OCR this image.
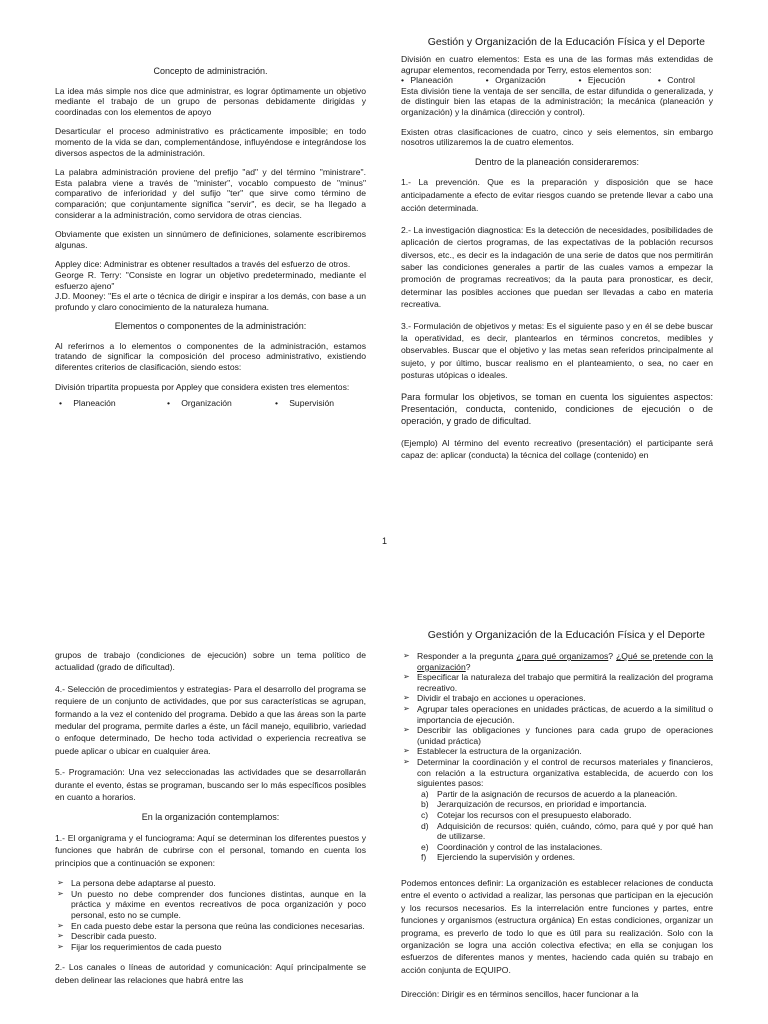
Gestión y Organización de la Educación Física y el Deporte
Concepto de administración.

La idea más simple nos dice que administrar, es lograr óptimamente un objetivo mediante el trabajo de un grupo de personas debidamente dirigidas y coordinadas con los elementos de apoyo

Desarticular el proceso administrativo es prácticamente imposible; en todo momento de la vida se dan, complementándose, influyéndose e integrándose los diversos aspectos de la administración.

La palabra administración proviene del prefijo "ad" y del término "ministrare". Esta palabra viene a través de "minister", vocablo compuesto de "minus" comparativo de inferioridad y del sufijo "ter" que sirve como término de comparación; que conjuntamente significa "servir", es decir, se ha llegado a considerar a la administración, como servidora de otras ciencias.

Obviamente que existen un sinnúmero de definiciones, solamente escribiremos algunas.

Appley dice: Administrar es obtener resultados a través del esfuerzo de otros.

George R. Terry: "Consiste en lograr un objetivo predeterminado, mediante el esfuerzo ajeno"

J.D. Mooney: "Es el arte o técnica de dirigir e inspirar a los demás, con base a un profundo y claro conocimiento de la naturaleza humana.

Elementos o componentes de la administración:

Al referirnos a lo elementos o componentes de la administración, estamos tratando de significar la composición del proceso administrativo, existiendo diferentes criterios de clasificación, siendo estos:

División tripartita propuesta por Appley que considera existen tres elementos:

• Planeación	• Organización	• Supervisión

División en cuatro elementos: Esta es una de las formas más extendidas de agrupar elementos, recomendada por Terry, estos elementos son:

• Planeación	• Organización	• Ejecución	• Control

Esta división tiene la ventaja de ser sencilla, de estar difundida o generalizada, y de distinguir bien las etapas de la administración; la mecánica (planeación y organización) y la dinámica (dirección y control).

Existen otras clasificaciones de cuatro, cinco y seis elementos, sin embargo nosotros utilizaremos la de cuatro elementos.

Dentro de la planeación consideraremos:

1.- La prevención. Que es la preparación y disposición que se hace anticipadamente a efecto de evitar riesgos cuando se pretende llevar a cabo una acción determinada.

2.- La investigación diagnostica: Es la detección de necesidades, posibilidades de aplicación de ciertos programas, de las expectativas de la población recursos diversos, etc., es decir es la indagación de una serie de datos que nos permitirán saber las condiciones generales a partir de las cuales vamos a empezar la promoción de programas recreativos; da la pauta para pronosticar, es decir, determinar las posibles acciones que puedan ser llevadas a cabo en materia recreativa.

3.- Formulación de objetivos y metas: Es el siguiente paso y en él se debe buscar la operatividad, es decir, plantearlos en términos concretos, medibles y observables. Buscar que el objetivo y las metas sean referidos principalmente al sujeto, y por último, buscar realismo en el planteamiento, o sea, no caer en posturas utópicas o ideales.

Para formular los objetivos, se toman en cuenta los siguientes aspectos: Presentación, conducta, contenido, condiciones de ejecución o de operación, y grado de dificultad.

(Ejemplo) Al término del evento recreativo (presentación) el participante será capaz de: aplicar (conducta) la técnica del collage (contenido) en

1
Gestión y Organización de la Educación Física y el Deporte

grupos de trabajo (condiciones de ejecución) sobre un tema político de actualidad (grado de dificultad).

4.- Selección de procedimientos y estrategias- Para el desarrollo del programa se requiere de un conjunto de actividades, que por sus características se agrupan, formando a la vez el contenido del programa. Debido a que las áreas son la parte medular del programa, permite darles a éste, un fácil manejo, equilibrio, variedad o enfoque determinado, De hecho toda actividad o experiencia recreativa se puede aplicar o ubicar en cualquier área.

5.- Programación: Una vez seleccionadas las actividades que se desarrollarán durante el evento, éstas se programan, buscando ser lo más específicos posibles en cuanto a horarios.

En la organización contemplamos:

1.- El organigrama y el funciograma: Aquí se determinan los diferentes puestos y funciones que habrán de cubrirse con el personal, tomando en cuenta los principios que a continuación se exponen:

➢ La persona debe adaptarse al puesto.
➢ Un puesto no debe comprender dos funciones distintas, aunque en la práctica y máxime en eventos recreativos de poca organización y poco personal, esto no se cumple.
➢ En cada puesto debe estar la persona que reúna las condiciones necesarias.
➢ Describir cada puesto.
➢ Fijar los requerimientos de cada puesto

2.- Los canales o líneas de autoridad y comunicación: Aquí principalmente se deben delinear las relaciones que habrá entre las

➢ Responder a la pregunta ¿para qué organizamos? ¿Qué se pretende con la organización?
➢ Especificar la naturaleza del trabajo que permitirá la realización del programa recreativo.
➢ Dividir el trabajo en acciones u operaciones.
➢ Agrupar tales operaciones en unidades prácticas, de acuerdo a la similitud o importancia de ejecución.
➢ Describir las obligaciones y funciones para cada grupo de operaciones (unidad práctica)
➢ Establecer la estructura de la organización.
➢ Determinar la coordinación y el control de recursos materiales y financieros, con relación a la estructura organizativa establecida, de acuerdo con los siguientes pasos:
a) Partir de la asignación de recursos de acuerdo a la planeación.
b) Jerarquización de recursos, en prioridad e importancia.
c) Cotejar los recursos con el presupuesto elaborado.
d) Adquisición de recursos: quién, cuándo, cómo, para qué y por qué han de utilizarse.
e) Coordinación y control de las instalaciones.
f) Ejerciendo la supervisión y ordenes.

Podemos entonces definir: La organización es establecer relaciones de conducta entre el evento o actividad a realizar, las personas que participan en la ejecución y los recursos necesarios. Es la interrelación entre funciones y partes, entre funciones y organismos (estructura orgánica) En estas condiciones, organizar un programa, es preverlo de todo lo que es útil para su realización. Solo con la organización se logra una acción colectiva efectiva; en ella se conjugan los esfuerzos de diferentes manos y mentes, haciendo cada quién su trabajo en acción conjunta de EQUIPO.

Dirección: Dirigir es en términos sencillos, hacer funcionar a la
